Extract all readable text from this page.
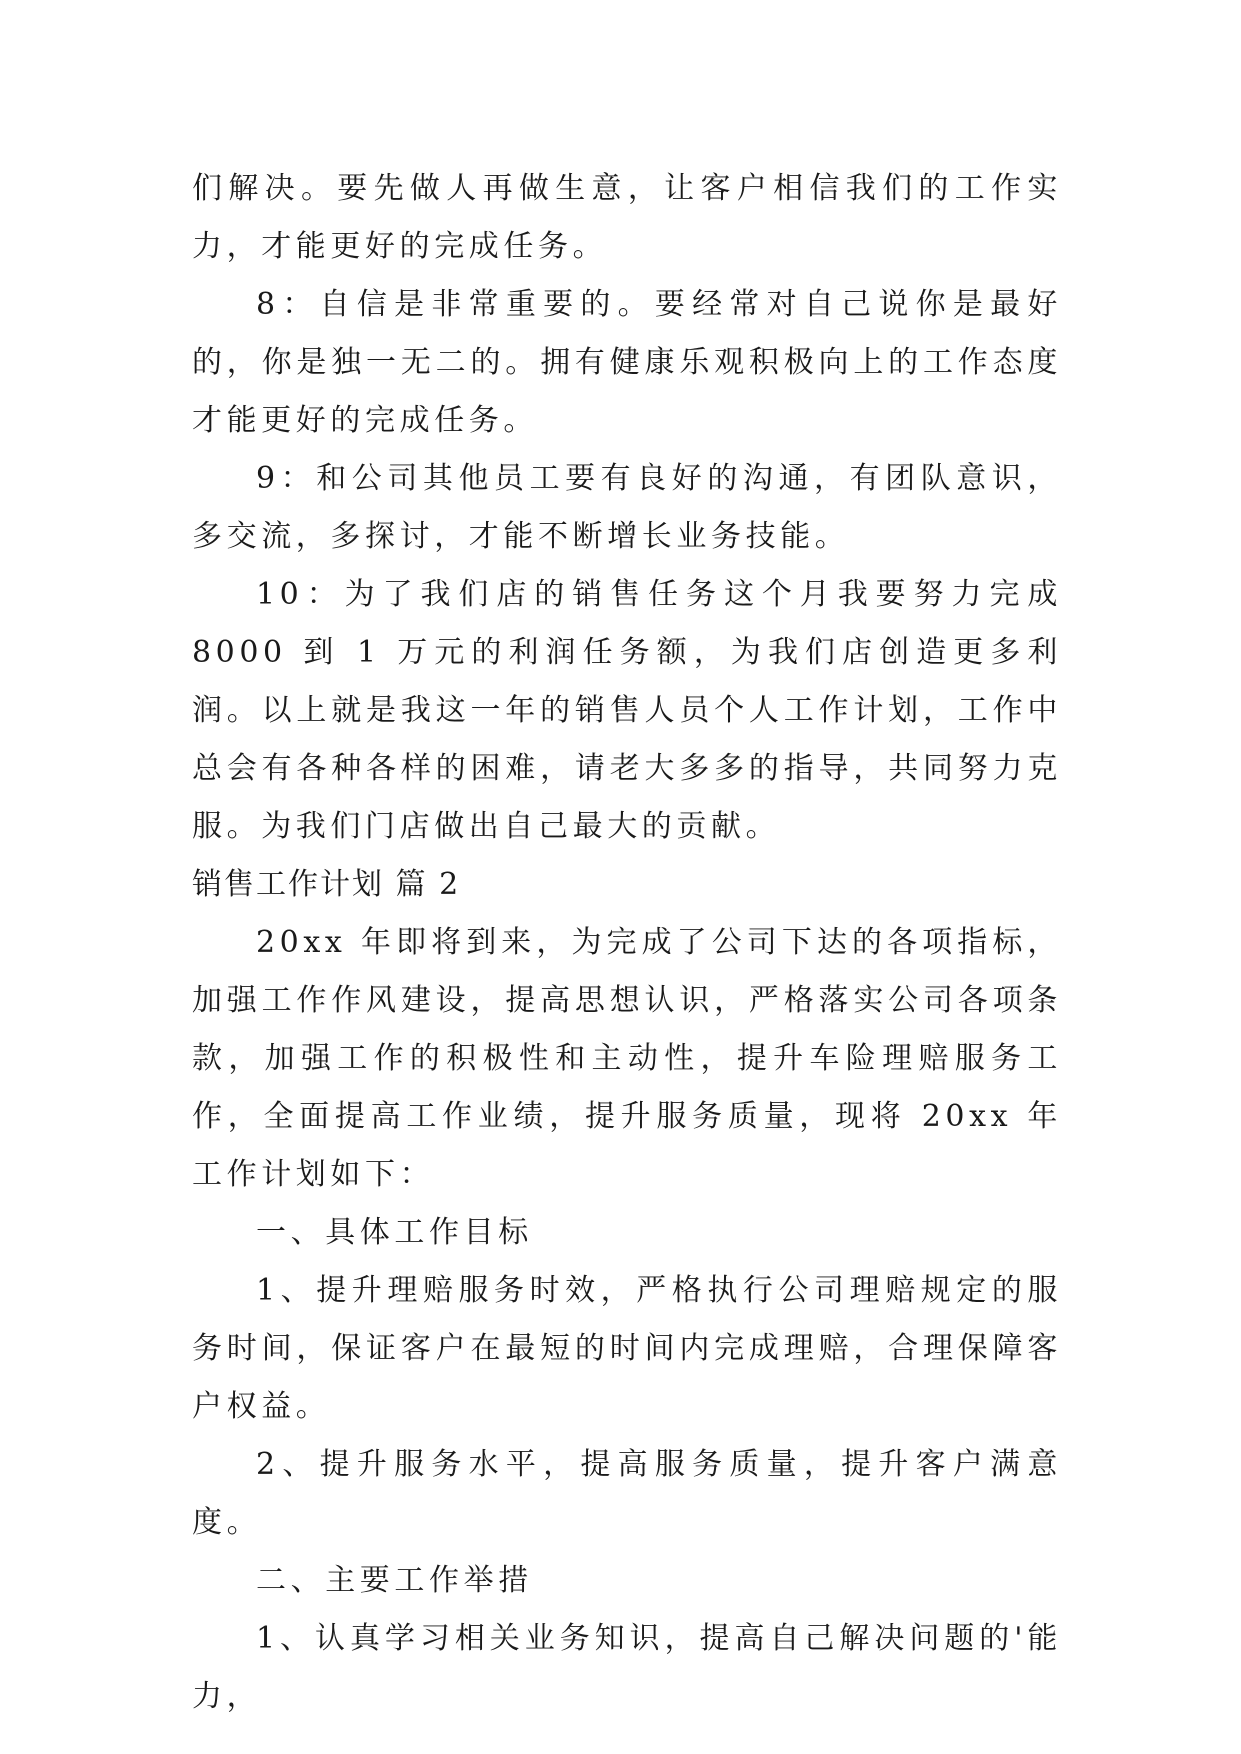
们解决。要先做人再做生意，让客户相信我们的工作实力，才能更好的完成任务。

8：自信是非常重要的。要经常对自己说你是最好的，你是独一无二的。拥有健康乐观积极向上的工作态度才能更好的完成任务。

9：和公司其他员工要有良好的沟通，有团队意识，多交流，多探讨，才能不断增长业务技能。

10：为了我们店的销售任务这个月我要努力完成 8000 到 1 万元的利润任务额，为我们店创造更多利润。以上就是我这一年的销售人员个人工作计划，工作中总会有各种各样的困难，请老大多多的指导，共同努力克服。为我们门店做出自己最大的贡献。

销售工作计划 篇 2

20xx 年即将到来，为完成了公司下达的各项指标，加强工作作风建设，提高思想认识，严格落实公司各项条款，加强工作的积极性和主动性，提升车险理赔服务工作，全面提高工作业绩，提升服务质量，现将 20xx 年工作计划如下：

一、具体工作目标

1、提升理赔服务时效，严格执行公司理赔规定的服务时间，保证客户在最短的时间内完成理赔，合理保障客户权益。

2、提升服务水平，提高服务质量，提升客户满意度。

二、主要工作举措

1、认真学习相关业务知识，提高自己解决问题的'能力，
